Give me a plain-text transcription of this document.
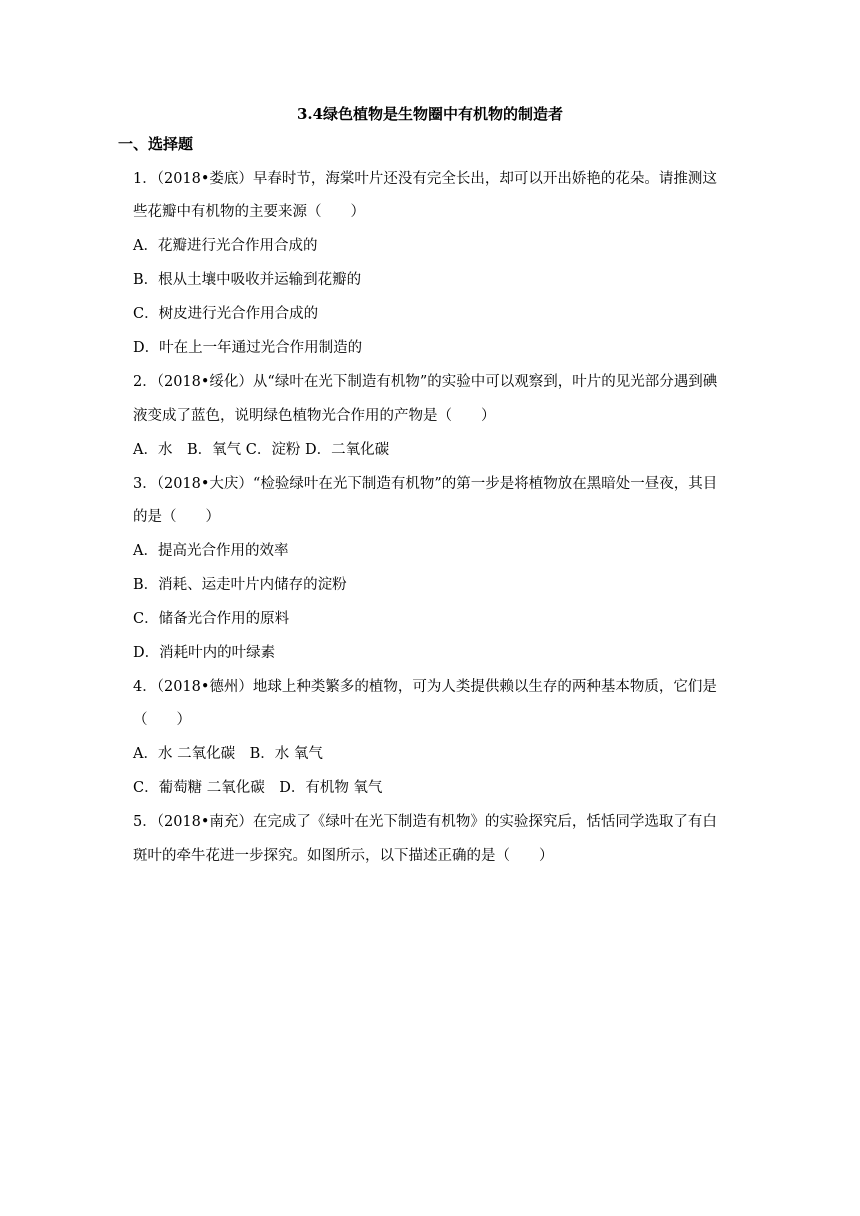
3.4绿色植物是生物圈中有机物的制造者
一、选择题
1．（2018•娄底）早春时节，海棠叶片还没有完全长出，却可以开出娇艳的花朵。请推测这
些花瓣中有机物的主要来源（　　）
A．花瓣进行光合作用合成的
B．根从土壤中吸收并运输到花瓣的
C．树皮进行光合作用合成的
D．叶在上一年通过光合作用制造的
2．（2018•绥化）从“绿叶在光下制造有机物”的实验中可以观察到，叶片的见光部分遇到碘
液变成了蓝色，说明绿色植物光合作用的产物是（　　）
A．水　B．氧气 C．淀粉 D．二氧化碳
3．（2018•大庆）“检验绿叶在光下制造有机物”的第一步是将植物放在黑暗处一昼夜，其目
的是（　　）
A．提高光合作用的效率
B．消耗、运走叶片内储存的淀粉
C．储备光合作用的原料
D．消耗叶内的叶绿素
4．（2018•德州）地球上种类繁多的植物，可为人类提供赖以生存的两种基本物质，它们是
（　　）
A．水 二氧化碳　B．水 氧气
C．葡萄糖 二氧化碳　D．有机物 氧气
5．（2018•南充）在完成了《绿叶在光下制造有机物》的实验探究后，恬恬同学选取了有白
斑叶的牵牛花进一步探究。如图所示，以下描述正确的是（　　）
